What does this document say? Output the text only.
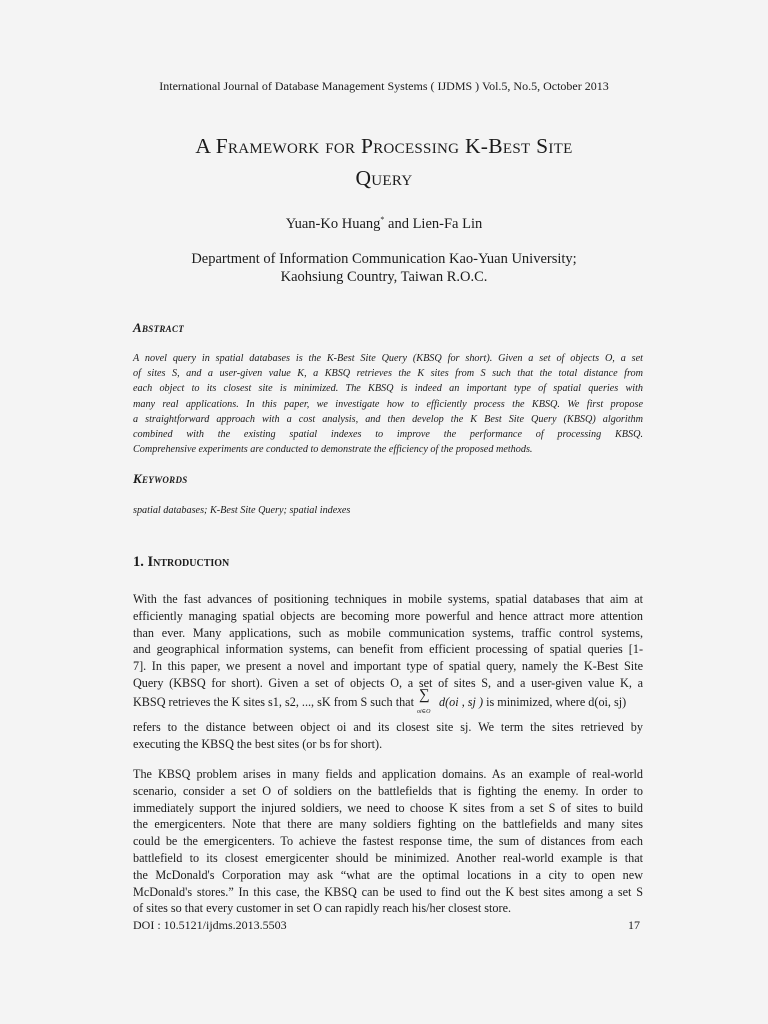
International Journal of Database Management Systems ( IJDMS ) Vol.5, No.5, October 2013
A Framework for Processing K-Best Site
Query
Yuan-Ko Huang* and Lien-Fa Lin
Department of Information Communication Kao-Yuan University;
Kaohsiung Country, Taiwan R.O.C.
Abstract
A novel query in spatial databases is the K-Best Site Query (KBSQ for short). Given a set of objects O, a set
of sites S, and a user-given value K, a KBSQ retrieves the K sites from S such that the total distance from
each object to its closest site is minimized. The KBSQ is indeed an important type of spatial queries with
many real applications. In this paper, we investigate how to efficiently process the KBSQ. We first propose
a straightforward approach with a cost analysis, and then develop the K Best Site Query (KBSQ) algorithm
combined with the existing spatial indexes to improve the performance of processing KBSQ.
Comprehensive experiments are conducted to demonstrate the efficiency of the proposed methods.
Keywords
spatial databases; K-Best Site Query; spatial indexes
1. Introduction
With the fast advances of positioning techniques in mobile systems, spatial databases that aim at
efficiently managing spatial objects are becoming more powerful and hence attract more attention
than ever. Many applications, such as mobile communication systems, traffic control systems,
and geographical information systems, can benefit from efficient processing of spatial queries [1-
7]. In this paper, we present a novel and important type of spatial query, namely the K-Best Site
Query (KBSQ for short). Given a set of objects O, a set of sites S, and a user-given value K, a
KBSQ retrieves the K sites s1, s2, ..., sK from S such that ∑
oi∈O
d(oi , sj ) is minimized, where d(oi, sj)
refers to the distance between object oi and its closest site sj. We term the sites retrieved by
executing the KBSQ the best sites (or bs for short).
The KBSQ problem arises in many fields and application domains. As an example of real-world
scenario, consider a set O of soldiers on the battlefields that is fighting the enemy. In order to
immediately support the injured soldiers, we need to choose K sites from a set S of sites to build
the emergicenters. Note that there are many soldiers fighting on the battlefields and many sites
could be the emergicenters. To achieve the fastest response time, the sum of distances from each
battlefield to its closest emergicenter should be minimized. Another real-world example is that
the McDonald's Corporation may ask “what are the optimal locations in a city to open new
McDonald's stores.” In this case, the KBSQ can be used to find out the K best sites among a set S
of sites so that every customer in set O can rapidly reach his/her closest store.
DOI : 10.5121/ijdms.2013.5503	17
